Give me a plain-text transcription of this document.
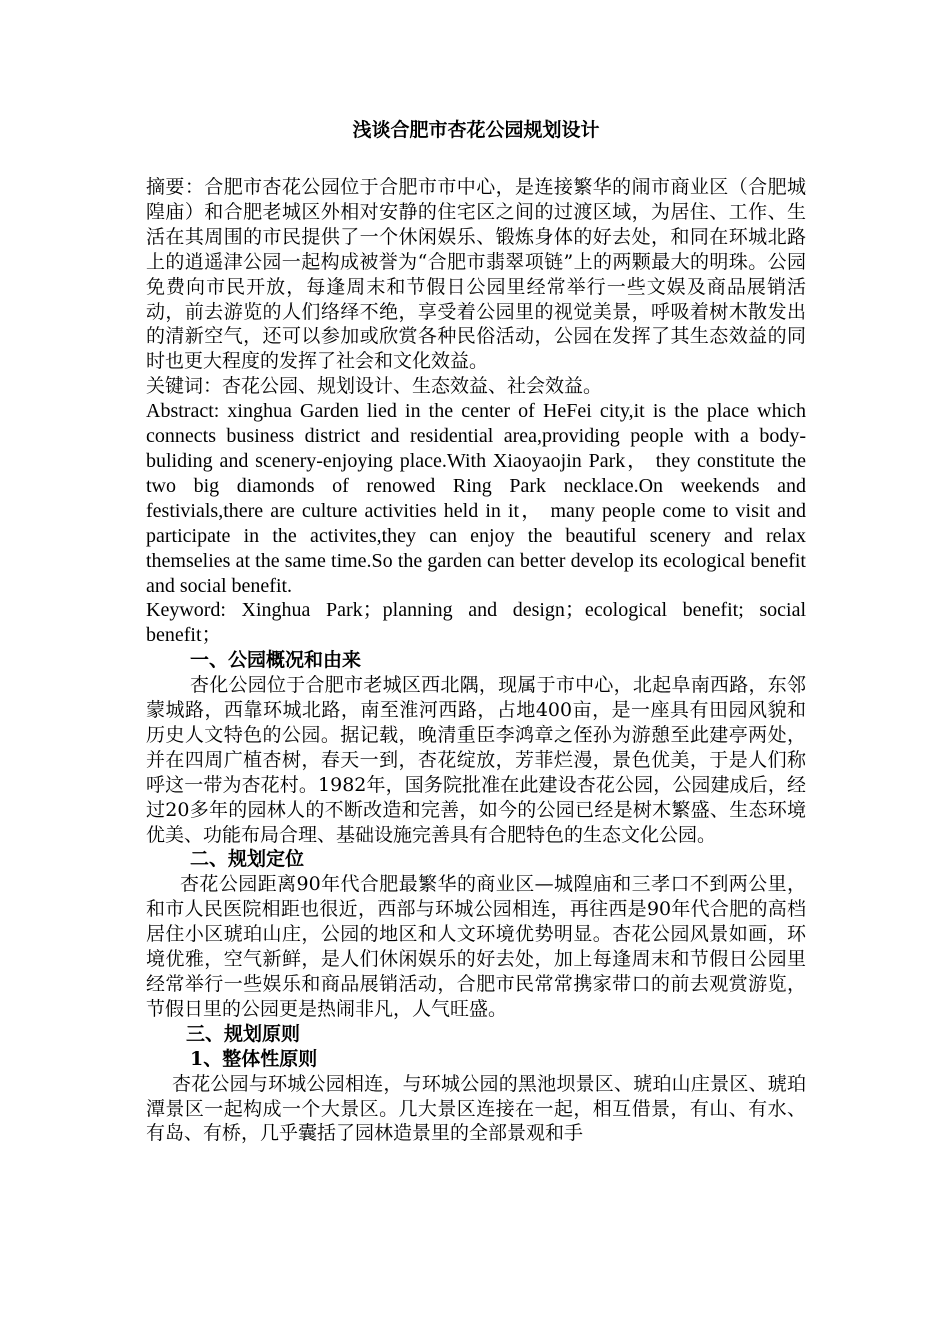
浅谈合肥市杏花公园规划设计

摘要：合肥市杏花公园位于合肥市市中心，是连接繁华的闹市商业区（合肥城隍庙）和合肥老城区外相对安静的住宅区之间的过渡区域，为居住、工作、生活在其周围的市民提供了一个休闲娱乐、锻炼身体的好去处，和同在环城北路上的逍遥津公园一起构成被誉为“合肥市翡翠项链”上的两颗最大的明珠。公园免费向市民开放，每逢周末和节假日公园里经常举行一些文娱及商品展销活动，前去游览的人们络绎不绝，享受着公园里的视觉美景，呼吸着树木散发出的清新空气，还可以参加或欣赏各种民俗活动，公园在发挥了其生态效益的同时也更大程度的发挥了社会和文化效益。

关键词：杏花公园、规划设计、生态效益、社会效益。

Abstract: xinghua Garden lied in the center of HeFei city,it is the place which connects business district and residential area,providing people with a body-buliding and scenery-enjoying place.With Xiaoyaojin Park， they constitute the two big diamonds of renowed Ring Park necklace.On weekends and festivials,there are culture activities held in it， many people come to visit and participate in the activites,they can enjoy the beautiful scenery and relax themselies at the same time.So the garden can better develop its ecological benefit and social benefit.

Keyword: Xinghua Park；planning and design；ecological benefit; social benefit；

一、公园概况和由来

杏化公园位于合肥市老城区西北隅，现属于市中心，北起阜南西路，东邻蒙城路，西靠环城北路，南至淮河西路，占地400亩，是一座具有田园风貌和历史人文特色的公园。据记载，晚清重臣李鸿章之侄孙为游憩至此建亭两处，并在四周广植杏树，春天一到，杏花绽放，芳菲烂漫，景色优美，于是人们称呼这一带为杏花村。1982年，国务院批准在此建设杏花公园，公园建成后，经过20多年的园林人的不断改造和完善，如今的公园已经是树木繁盛、生态环境优美、功能布局合理、基础设施完善具有合肥特色的生态文化公园。

二、规划定位

杏花公园距离90年代合肥最繁华的商业区—城隍庙和三孝口不到两公里，和市人民医院相距也很近，西部与环城公园相连，再往西是90年代合肥的高档居住小区琥珀山庄，公园的地区和人文环境优势明显。杏花公园风景如画，环境优雅，空气新鲜，是人们休闲娱乐的好去处，加上每逢周末和节假日公园里经常举行一些娱乐和商品展销活动，合肥市民常常携家带口的前去观赏游览，节假日里的公园更是热闹非凡，人气旺盛。

三、规划原则

1、整体性原则

杏花公园与环城公园相连，与环城公园的黑池坝景区、琥珀山庄景区、琥珀潭景区一起构成一个大景区。几大景区连接在一起，相互借景，有山、有水、有岛、有桥，几乎囊括了园林造景里的全部景观和手
